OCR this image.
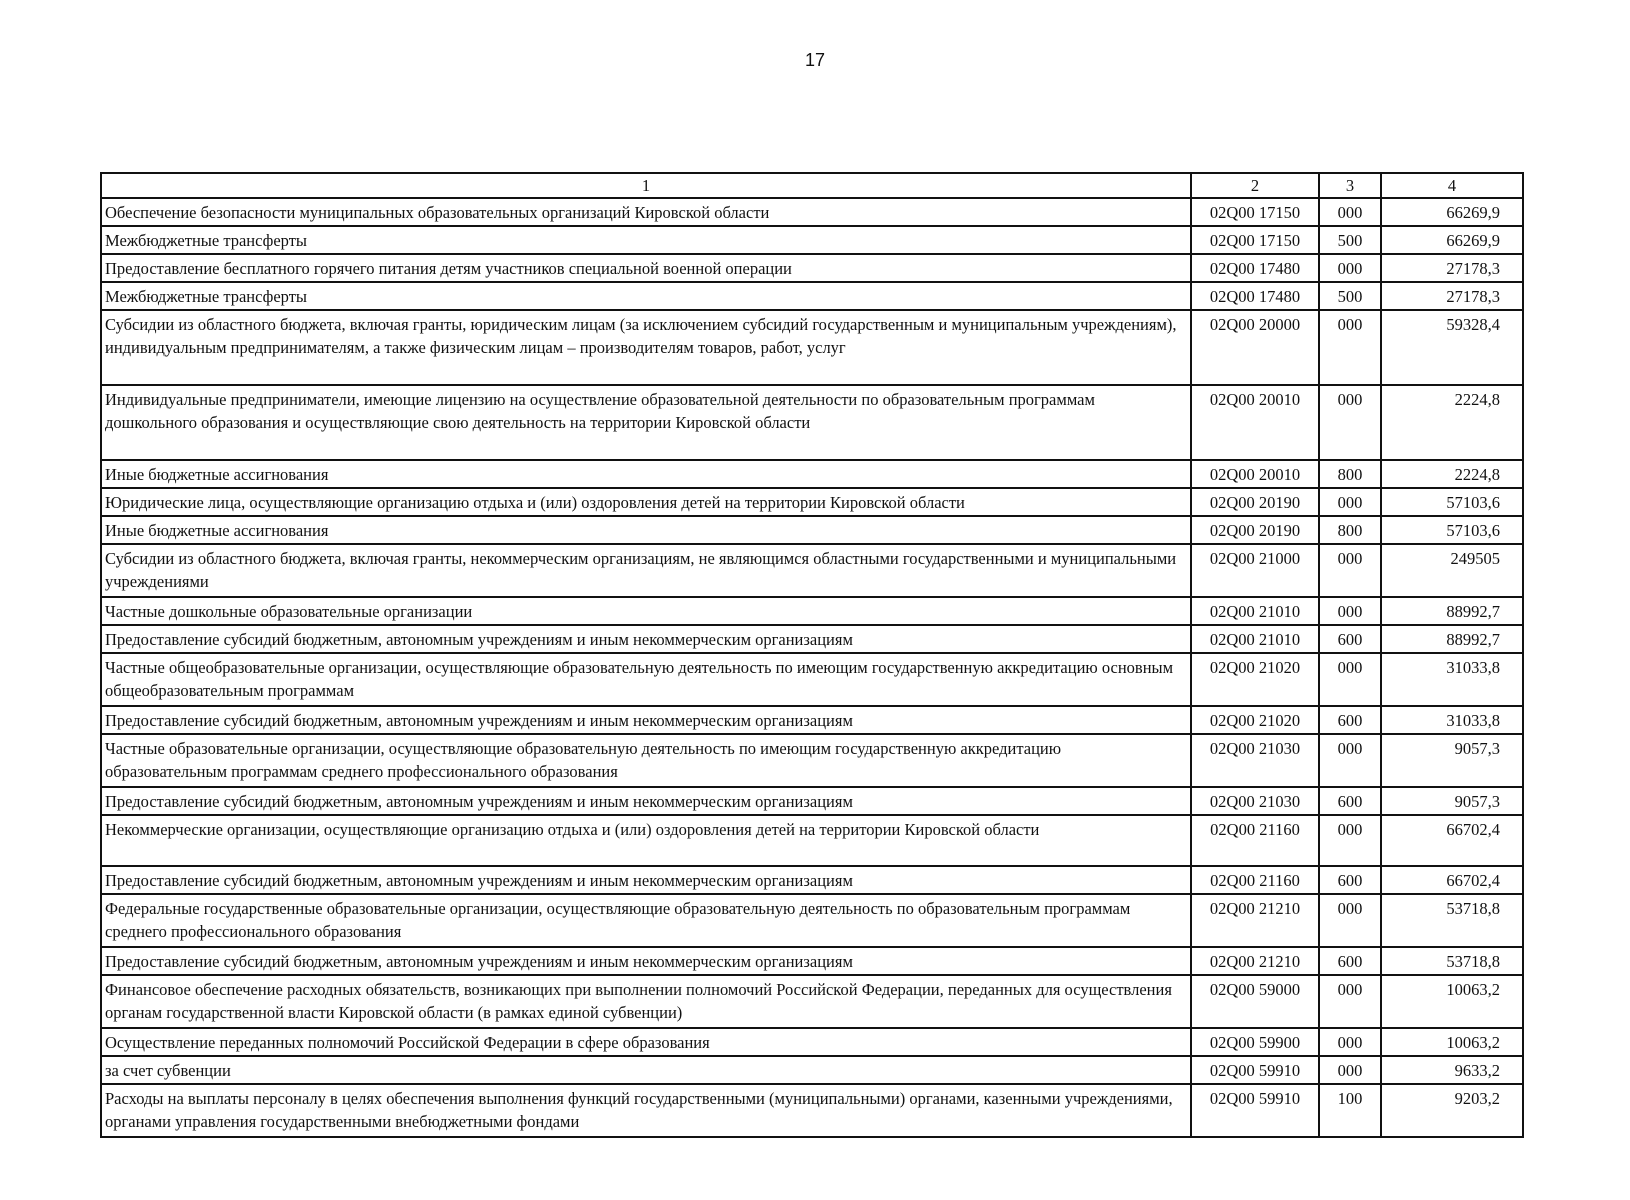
17
1	2	3	4
Обеспечение безопасности муниципальных образовательных организаций Кировской области	02Q00 17150	000	66269,9
Межбюджетные трансферты	02Q00 17150	500	66269,9
Предоставление бесплатного горячего питания детям участников специальной военной операции	02Q00 17480	000	27178,3
Межбюджетные трансферты	02Q00 17480	500	27178,3
Субсидии из областного бюджета, включая гранты, юридическим лицам (за исключением субсидий государственным и муниципальным учреждениям), индивидуальным предпринимателям, а также физическим лицам – производителям товаров, работ, услуг	02Q00 20000	000	59328,4
Индивидуальные предприниматели, имеющие лицензию на осуществление образовательной деятельности по образовательным программам дошкольного образования и осуществляющие свою деятельность на территории Кировской области	02Q00 20010	000	2224,8
Иные бюджетные ассигнования	02Q00 20010	800	2224,8
Юридические лица, осуществляющие организацию отдыха и (или) оздоровления детей на территории Кировской области	02Q00 20190	000	57103,6
Иные бюджетные ассигнования	02Q00 20190	800	57103,6
Субсидии из областного бюджета, включая гранты, некоммерческим организациям, не являющимся областными государственными и муниципальными учреждениями	02Q00 21000	000	249505
Частные дошкольные образовательные организации	02Q00 21010	000	88992,7
Предоставление субсидий бюджетным, автономным учреждениям и иным некоммерческим организациям	02Q00 21010	600	88992,7
Частные общеобразовательные организации, осуществляющие образовательную деятельность по имеющим государственную аккредитацию основным общеобразовательным программам	02Q00 21020	000	31033,8
Предоставление субсидий бюджетным, автономным учреждениям и иным некоммерческим организациям	02Q00 21020	600	31033,8
Частные образовательные организации, осуществляющие образовательную деятельность по имеющим государственную аккредитацию образовательным программам среднего профессионального образования	02Q00 21030	000	9057,3
Предоставление субсидий бюджетным, автономным учреждениям и иным некоммерческим организациям	02Q00 21030	600	9057,3
Некоммерческие организации, осуществляющие организацию отдыха и (или) оздоровления детей на территории Кировской области	02Q00 21160	000	66702,4
Предоставление субсидий бюджетным, автономным учреждениям и иным некоммерческим организациям	02Q00 21160	600	66702,4
Федеральные государственные образовательные организации, осуществляющие образовательную деятельность по образовательным программам среднего профессионального образования	02Q00 21210	000	53718,8
Предоставление субсидий бюджетным, автономным учреждениям и иным некоммерческим организациям	02Q00 21210	600	53718,8
Финансовое обеспечение расходных обязательств, возникающих при выполнении полномочий Российской Федерации, переданных для осуществления органам государственной власти Кировской области (в рамках единой субвенции)	02Q00 59000	000	10063,2
Осуществление переданных полномочий Российской Федерации в сфере образования	02Q00 59900	000	10063,2
за счет субвенции	02Q00 59910	000	9633,2
Расходы на выплаты персоналу в целях обеспечения выполнения функций государственными (муниципальными) органами, казенными учреждениями, органами управления государственными внебюджетными фондами	02Q00 59910	100	9203,2
